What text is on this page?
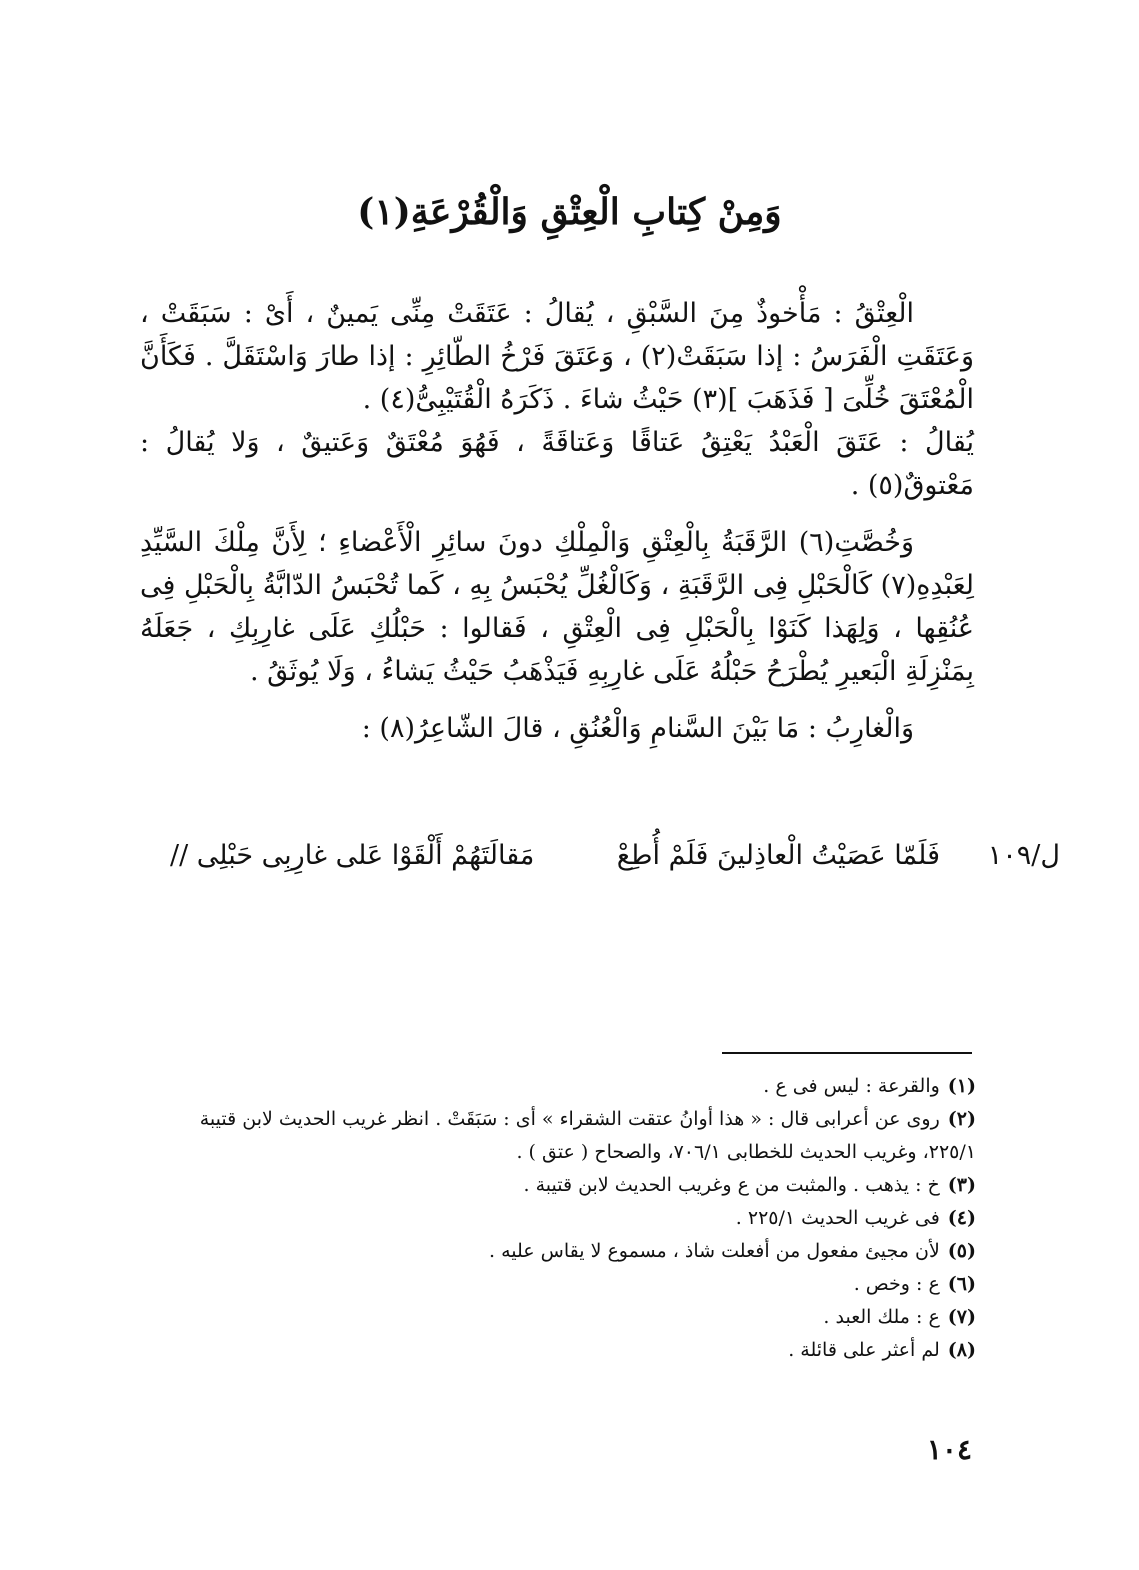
وَمِنْ كِتابِ الْعِتْقِ وَالْقُرْعَةِ(١)

الْعِتْقُ : مَأْخوذٌ مِنَ السَّبْقِ ، يُقالُ : عَتَقَتْ مِنِّى يَمينٌ ، أَىْ : سَبَقَتْ ، وَعَتَقَتِ الْفَرَسُ : إذا سَبَقَتْ(٢) ، وَعَتَقَ فَرْخُ الطّائِرِ : إذا طارَ وَاسْتَقَلَّ . فَكَأَنَّ الْمُعْتَقَ خُلِّىَ [ فَذَهَبَ ](٣) حَيْثُ شاءَ . ذَكَرَهُ الْقُتَيْبِىُّ(٤) .

يُقالُ : عَتَقَ الْعَبْدُ يَعْتِقُ عَتاقًا وَعَتاقَةً ، فَهُوَ مُعْتَقٌ وَعَتيقٌ ، وَلا يُقالُ : مَعْتوقٌ(٥) .

وَخُصَّتِ(٦) الرَّقَبَةُ بِالْعِتْقِ وَالْمِلْكِ دونَ سائِرِ الْأَعْضاءِ ؛ لِأَنَّ مِلْكَ السَّيِّدِ لِعَبْدِهِ(٧) كَالْحَبْلِ فِى الرَّقَبَةِ ، وَكَالْغُلِّ يُحْبَسُ بِهِ ، كَما تُحْبَسُ الدّابَّةُ بِالْحَبْلِ فِى عُنُقِها ، وَلِهَذا كَنَوْا بِالْحَبْلِ فِى الْعِتْقِ ، فَقالوا : حَبْلُكِ عَلَى غارِبِكِ ، جَعَلَهُ بِمَنْزِلَةِ الْبَعيرِ يُطْرَحُ حَبْلُهُ عَلَى غارِبِهِ فَيَذْهَبُ حَيْثُ يَشاءُ ، وَلَا يُوثَقُ .

وَالْغارِبُ : مَا بَيْنَ السَّنامِ وَالْعُنُقِ ، قالَ الشّاعِرُ(٨) :

ل/١٠٩
فَلَمّا عَصَيْتُ الْعاذِلينَ فَلَمْ أُطِعْ
مَقالَتَهُمْ أَلْقَوْا عَلى غارِبِى حَبْلِى //

(١)والقرعة : ليس فى ع .

(٢)روى عن أعرابى قال : « هذا أوانُ عتقت الشقراء » أى : سَبَقَتْ . انظر غريب الحديث لابن قتيبة

٢٢٥/١، وغريب الحديث للخطابى ٧٠٦/١، والصحاح ( عتق ) .

(٣)خ : يذهب . والمثبت من ع وغريب الحديث لابن قتيبة .

(٤)فى غريب الحديث ٢٢٥/١ .

(٥)لأن مجيئ مفعول من أفعلت شاذ ، مسموع لا يقاس عليه .

(٦)ع : وخص .

(٧)ع : ملك العبد .

(٨)لم أعثر على قائلة .

١٠٤
